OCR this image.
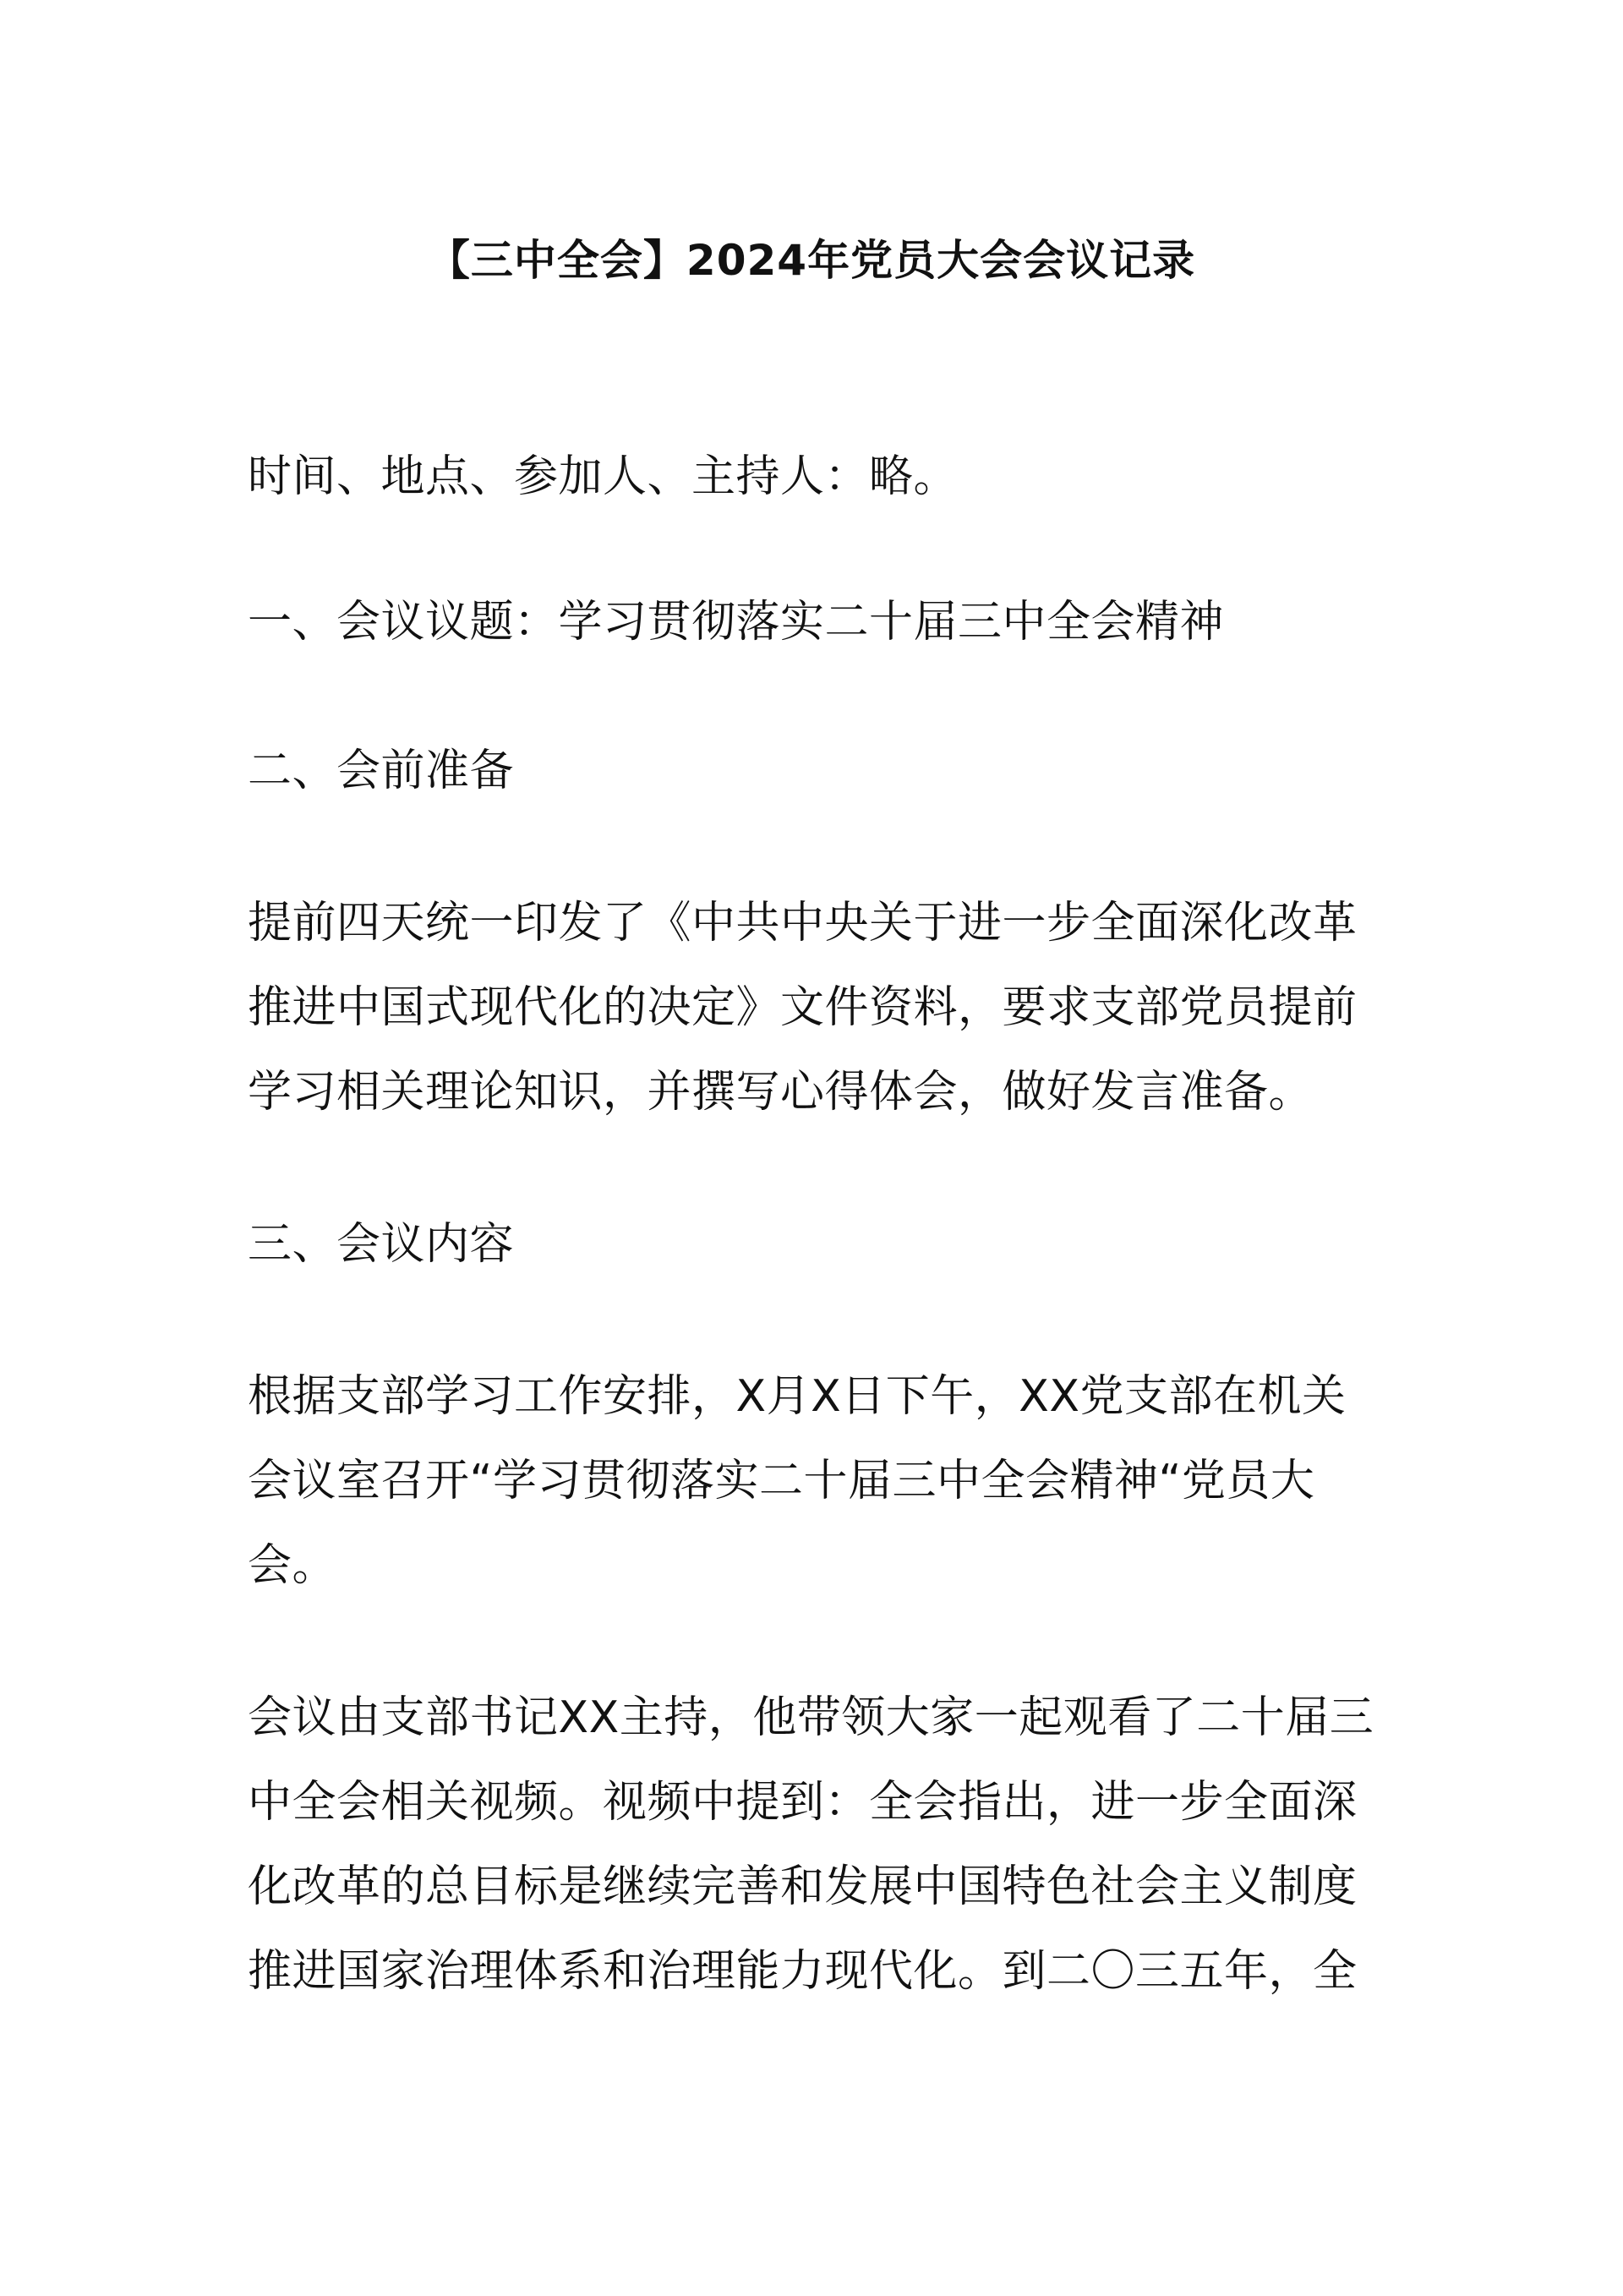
【三中全会】2024年党员大会会议记录
时间、地点、参加人、主持人：略。
一、会议议题：学习贯彻落实二十届三中全会精神
二、会前准备
提前四天统一印发了《中共中央关于进一步全面深化改革
推进中国式现代化的决定》文件资料，要求支部党员提前
学习相关理论知识，并撰写心得体会，做好发言准备。
三、会议内容
根据支部学习工作安排，X月X日下午，XX党支部在机关
会议室召开“学习贯彻落实二十届三中全会精神“党员大
会。
会议由支部书记XX主持，他带领大家一起观看了二十届三
中全会相关视频。视频中提到：全会指出，进一步全面深
化改革的总目标是继续完善和发展中国特色社会主义制度
推进国家治理体系和治理能力现代化。到二〇三五年，全
